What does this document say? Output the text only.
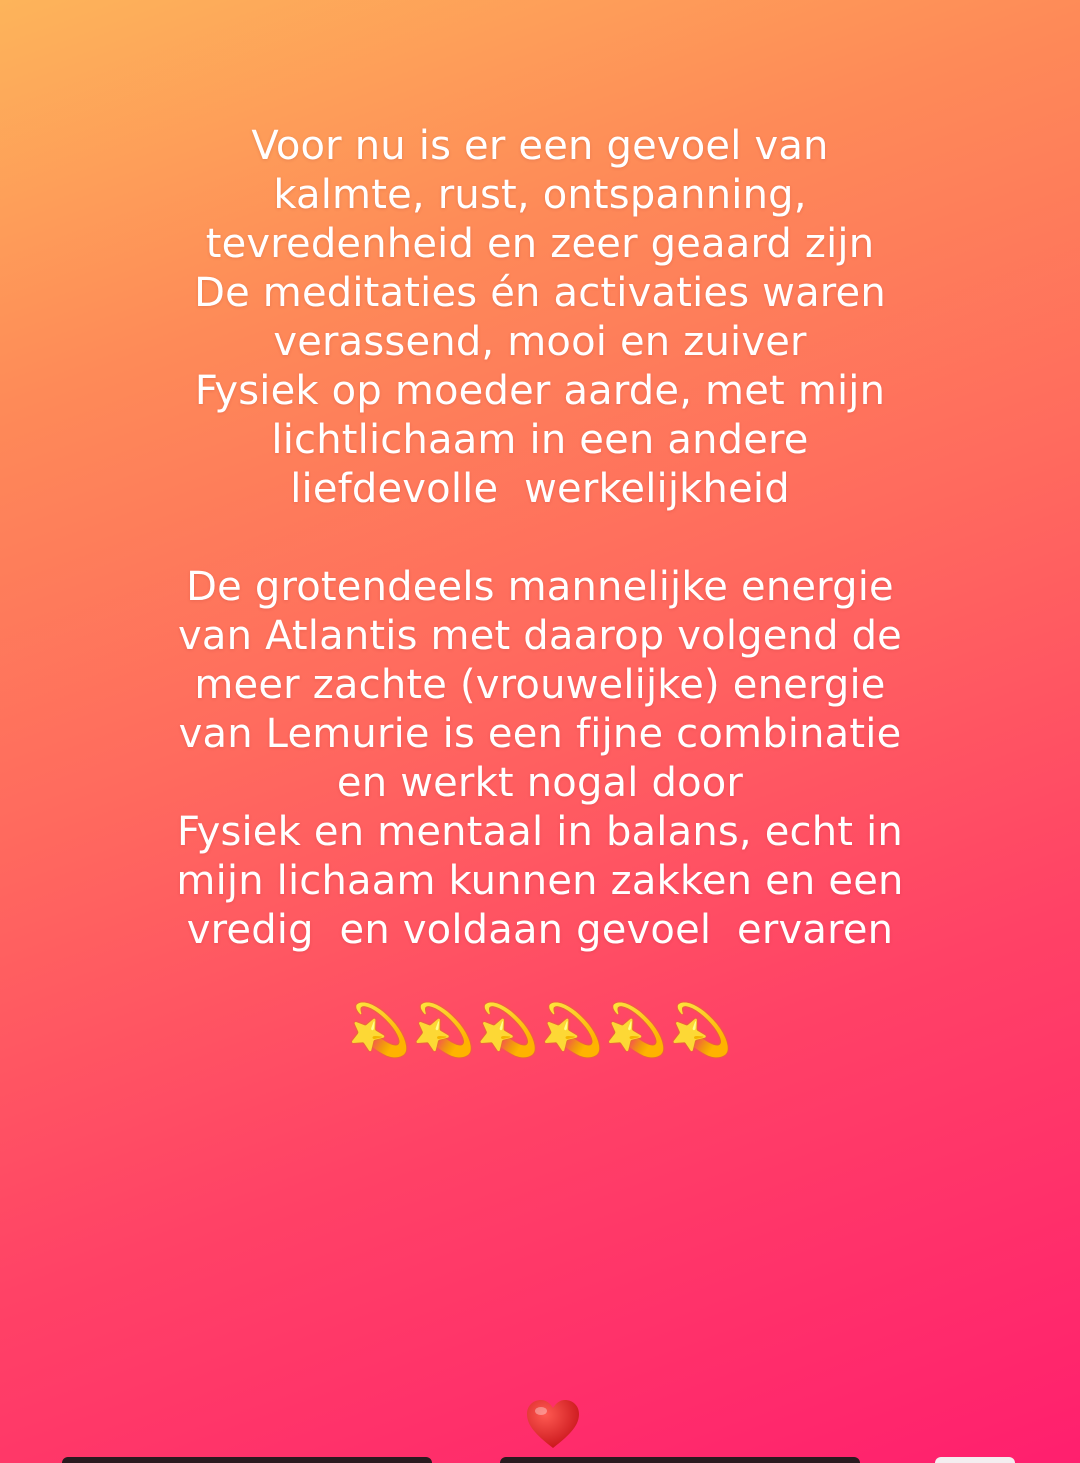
Voor nu is er een gevoel van
kalmte, rust, ontspanning,
tevredenheid en zeer geaard zijn
De meditaties én activaties waren
verassend, mooi en zuiver
Fysiek op moeder aarde, met mijn
lichtlichaam in een andere
liefdevolle  werkelijkheid
De grotendeels mannelijke energie
van Atlantis met daarop volgend de
meer zachte (vrouwelijke) energie
van Lemurie is een fijne combinatie
en werkt nogal door
Fysiek en mentaal in balans, echt in
mijn lichaam kunnen zakken en een
vredig  en voldaan gevoel  ervaren
💫 💫 💫 💫 💫 💫
